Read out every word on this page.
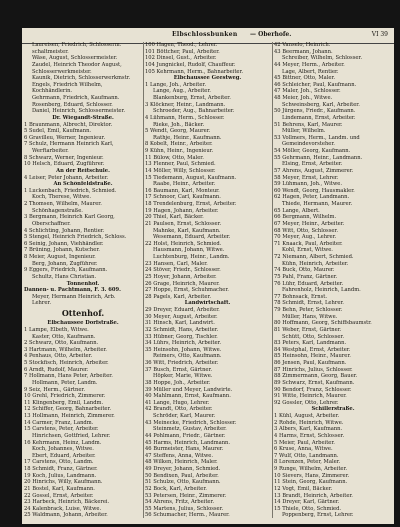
Elbschlossbunken — Oberhofe.	VI 39
Laureisen, Friedrich, Schlosserm.
schaltmeister.
Wäse, August, Schlossermeister.
Zaudel, Heinrich Theodor August,
Schlosserwerkmeister.
Kaunik, Dietrich, Schlosserwerkmstr.
Engels, Friedrich Wilhelm,
Kochhändlerin.
Gehrmann, Friedrich, Kaufmann.
Rosenberg, Eduard, Schlosser.
Daniel, Heinrich, Schlossermeister.
Dr. Wiegandt-Straße.
1 Braunmann, Albrecht, Direktor.
5 Sudel, Emil, Kaufmann.
6 Gravilleu, Werner, Ingenieur.
7 Schulz, Hermann Heinrich Karl,
Werftarbeiter.
8 Schwarz, Werner, Ingenieur.
10 Helsch, Eduard, Zugführer.
An der Reitschule.
4 Leiser, Peter Johann, Arbeiter.
An Schönfeldstraße.
1 Luckenbach, Friedrich, Schmied.
Koch, Therese, Witwe.
2 Thomsen, Wilhelm, Maurer.
Schönhagenstraße.
3 Bergmann, Heinrich Karl Georg,
Oberschaffner.
4 Schlichting, Johann, Rentier.
5 Stengel, Heinrich Friedrich, Schloss.
6 Seinig, Johann, Viehhändler.
7 Brüning, Johann, Kutscher.
8 Meier, August, Ingenieur.
Berg, Johann, Zugführer.
9 Eggers, Friedrich, Kaufmann.
Schultz, Hans Christian.
Tonnenhof.
Dannen- u. Pachtmann, F. 3. 609.
Meyer, Hermann Heinrich, Arb.
Lehrer.
Ottenhof.
Elbchaussee Dorfstraße.
1 Lampe, Elbeth, Witwe.
Kaster, Otto, Kaufmann.
2 Schwarz, Otto, Kaufmann.
3 Hartmann, Wilhelm, Arbeiter.
4 Penhaus, Otto, Arbeiter.
5 Stockfisch, Heinrich, Arbeiter.
6 Arndt, Rudolf, Maurer.
7 Hollmann, Hans Peter, Arbeiter.
Hollmann, Peter, Landm.
9 Seiz, Herm., Gärtner.
10 Grehl, Friedrich, Zimmerer.
11 Klingenberg, Emil, Landm.
12 Schiffer, Georg, Bahnarbeiter.
13 Hollmann, Heinrich, Zimmerer.
14 Carmer, Franz, Landm.
15 Carstens, Peter, Arbeiter.
Hinrichsen, Gottfried, Lehrer.
16 Kehrmann, Heinz, Landm.
Koch, Johannes, Witwe.
Ebert, Eduard, Arbeiter.
17 Carstens, Otto, Landm.
18 Schmidt, Franz, Gärtner.
19 Koch, Julius, Landmann.
20 Hinrichs, Willy, Kaufmann.
21 Bostel, Karl, Kaufmann.
22 Gossel, Ernst, Arbeiter.
23 Harbeck, Heinrich, Bäckerei.
24 Kalenbrack, Luise, Witwe.
25 Waldmann, Johann, Arbeiter.
100 Hagen, Theod., Lehrer.
101 Böttcher, Paul, Arbeiter.
102 Dinsel, Gust., Arbeiter.
104 Jungnickel, Rudolf, Chauffeur.
105 Kehrmann, Herm., Bahnarbeiter.
Elbchaussee Geestweg.
1 Lange, Joh., Arbeiter.
Lange, Aug., Arbeiter.
Blankenburg, Ernst, Arbeiter.
3 Klöckner, Heinr., Landmann.
Schroeder, Aug., Bahnarbeiter.
4 Lühmann, Herm., Schlosser.
Rieke, Joh., Bäcker.
5 Wendt, Georg, Maurer.
Rathje, Heinr., Kaufmann.
8 Kobelt, Heinr., Arbeiter.
9 Kühn, Heinr., Ingenieur.
11 Bülow, Otto, Maler.
13 Flenner, Paul, Schmied.
14 Möller, Willy, Schlosser.
15 Tiedemann, August, Kaufmann.
Raabe, Heinr., Arbeiter.
16 Baumann, Karl, Monteur.
17 Schnoor, Carl, Kaufmann.
18 Trendelenburg, Ernst, Arbeiter.
19 Hagen, Johann, Arbeiter.
20 Thiel, Karl, Bäcker.
21 Paulsen, Ernst, Schlosser.
Mahnke, Karl, Kaufmann.
Wesemann, Eduard, Arbeiter.
22 Holst, Heinrich, Schmied.
Hausmann, Johann, Witwe.
Luchtenburg, Heinr., Landm.
23 Hansen, Carl, Maler.
24 Stöver, Friedr., Schlosser.
25 Hoyer, Johann, Arbeiter.
26 Grage, Heinrich, Maurer.
27 Hoppe, Ernst, Schuhmacher.
28 Pagels, Karl, Arbeiter.
Landwirtschaft.
29 Dreyer, Eduard, Arbeiter.
30 Meyer, August, Arbeiter.
31 Hinsch, Karl, Landwirt.
32 Schmidt, Hans, Arbeiter.
33 Hübner, Georg, Tischler.
34 Lührs, Heinrich, Arbeiter.
35 Heinsohn, Johann, Witwe.
Reimers, Otto, Kaufmann.
36 Witt, Friedrich, Arbeiter.
37 Busch, Ernst, Gärtner.
Höpker, Marie, Witwe.
38 Hoppe, Joh., Arbeiter.
39 Müller und Meyer, Landwirte.
40 Mahlmann, Ernst, Kaufmann.
41 Lange, Hugo, Lehrer.
42 Brandt, Otto, Arbeiter.
Schröder, Karl, Maurer.
43 Meinecke, Friedrich, Schlosser.
Steinmetz, Gustav, Arbeiter.
44 Pohlmann, Friedr., Gärtner.
45 Harms, Heinrich, Landmann.
46 Burmeister, Hans, Maurer.
47 Steffens, Anna, Witwe.
48 Wilken, Heinrich, Maler.
49 Dreyer, Johann, Schmied.
50 Bendixen, Paul, Arbeiter.
51 Schulze, Otto, Kaufmann.
52 Bock, Karl, Arbeiter.
53 Petersen, Heinr., Zimmerer.
54 Ahrens, Fritz, Arbeiter.
55 Martens, Julius, Schlosser.
56 Schumacher, Herm., Maurer.
42 Vanselo, Heinrich.
43 Beermann, Johann.
Schreiber, Wilhelm, Schlosser.
44 Meyer, Herm., Arbeiter.
Lage, Albert, Rentier.
45 Bittner, Otto, Maler.
46 Schleicher, Paul, Kaufmann.
47 Maler, Joh., Schlosser.
48 Meier, Joh., Witwe.
Schweinsberg, Karl, Arbeiter.
50 Jürgens, Friedr., Kaufmann.
Lindemann, Ernst, Arbeiter.
51 Behrens, Karl, Maurer.
Müller, Wilhelm.
53 Vollmers, Herm., Landm. und
Gemeindevorsteher.
54 Möller, Georg, Kaufmann.
55 Gehrmann, Heinr., Landmann.
Elsing, Ernst, Arbeiter.
57 Ahrens, August, Zimmerer.
58 Meyer, Ernst, Lehrer.
59 Lühmann, Joh., Witwe.
60 Wendt, Georg, Hausmakler.
62 Hagen, Peter, Landmann.
Thiede, Hermann, Maurer.
65 Lange, Albert.
66 Bergmann, Wilhelm.
67 Meyer, Heinr., Arbeiter.
68 Witt, Otto, Schlosser.
70 Meyer, Aug., Lehrer.
71 Knaack, Paul, Arbeiter.
Kohl, Ernst, Witwe.
72 Niemann, Albert, Schmied.
Kühn, Heinrich, Arbeiter.
74 Buck, Otto, Maurer.
75 Pahl, Franz, Gärtner.
76 Lühr, Eduard, Arbeiter.
Fahrenholz, Heinrich, Landm.
77 Bohnsack, Ernst.
78 Schmidt, Ernst, Lehrer.
79 Behn, Peter, Schlosser.
Müller, Hans, Witwe.
80 Hoffmann, Georg, Schiffsbaumstr.
81 Weber, Ernst, Gärtner.
Schütt, Otto, Schlosser.
83 Peters, Karl, Landmann.
84 Westphal, Ernst, Arbeiter.
85 Heinsohn, Heinr., Maurer.
86 Jensen, Paul, Kaufmann.
87 Hinrichs, Julius, Schlosser.
88 Zimmermann, Georg, Bauer.
89 Schwarz, Ernst, Kaufmann.
90 Bendorf, Franz, Schlosser.
91 Witte, Heinrich, Maurer.
92 Gossler, Otto, Lehrer.
Schillerstraße.
1 Kühl, August, Arbeiter.
2 Rohde, Heinrich, Witwe.
3 Albers, Karl, Kaufmann.
4 Harms, Ernst, Schlosser.
5 Meier, Paul, Arbeiter.
6 Kruse, Anna, Witwe.
7 Wulf, Otto, Landmann.
8 Lorenzen, Peter, Maler.
9 Runge, Wilhelm, Arbeiter.
10 Sievers, Hans, Zimmerer.
11 Stein, Georg, Kaufmann.
12 Vogt, Emil, Bäcker.
13 Brandt, Heinrich, Arbeiter.
14 Dreyer, Karl, Gärtner.
15 Thiele, Otto, Schmied.
Poppenberg, Ernst, Lehrer.
